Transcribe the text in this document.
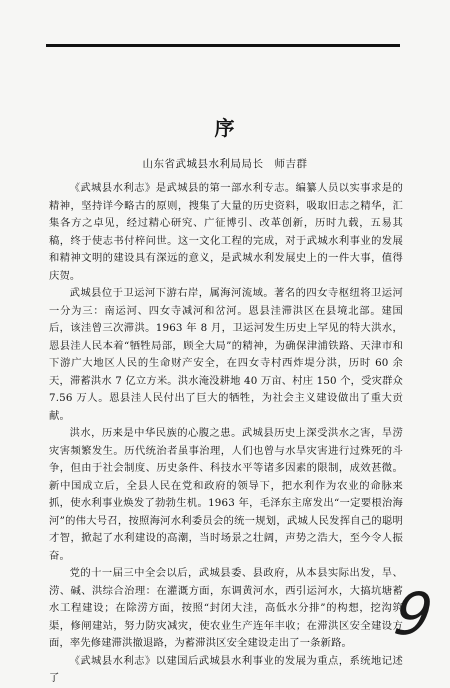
序
山东省武城县水利局局长　师吉群

《武城县水利志》是武城县的第一部水利专志。编纂人员以实事求是的精神，坚持详今略古的原则，搜集了大量的历史资料，吸取旧志之精华，汇集各方之卓见，经过精心研究、广征博引、改革创新，历时九载，五易其稿，终于使志书付梓问世。这一文化工程的完成，对于武城水利事业的发展和精神文明的建设具有深远的意义，是武城水利发展史上的一件大事，值得庆贺。

武城县位于卫运河下游右岸，属海河流域。著名的四女寺枢纽将卫运河一分为三：南运河、四女寺减河和岔河。恩县洼滞洪区在县境北部。建国后，该洼曾三次滞洪。1963 年 8 月，卫运河发生历史上罕见的特大洪水，恩县洼人民本着“牺牲局部，顾全大局”的精神，为确保津浦铁路、天津市和下游广大地区人民的生命财产安全，在四女寺村西炸堤分洪，历时 60 余天，滞蓄洪水 7 亿立方米。洪水淹没耕地 40 万亩、村庄 150 个，受灾群众 7.56 万人。恩县洼人民付出了巨大的牺牲，为社会主义建设做出了重大贡献。

洪水，历来是中华民族的心腹之患。武城县历史上深受洪水之害，旱涝灾害频繁发生。历代统治者虽事治理，人们也曾与水旱灾害进行过殊死的斗争，但由于社会制度、历史条件、科技水平等诸多因素的限制，成效甚微。新中国成立后，全县人民在党和政府的领导下，把水利作为农业的命脉来抓，使水利事业焕发了勃勃生机。1963 年，毛泽东主席发出“一定要根治海河”的伟大号召，按照海河水利委员会的统一规划，武城人民发挥自己的聪明才智，掀起了水利建设的高潮，当时场景之壮阔，声势之浩大，至今令人振奋。

党的十一届三中全会以后，武城县委、县政府，从本县实际出发，旱、涝、碱、洪综合治理：在灌溉方面，东调黄河水，西引运河水，大搞坑塘蓄水工程建设；在除涝方面，按照“封闭大洼，高低水分排”的构想，挖沟筑渠，修闸建站，努力防灾减灾，使农业生产连年丰收；在滞洪区安全建设方面，率先修建滞洪撤退路，为蓄滞洪区安全建设走出了一条新路。

《武城县水利志》以建国后武城县水利事业的发展为重点，系统地记述了

9
